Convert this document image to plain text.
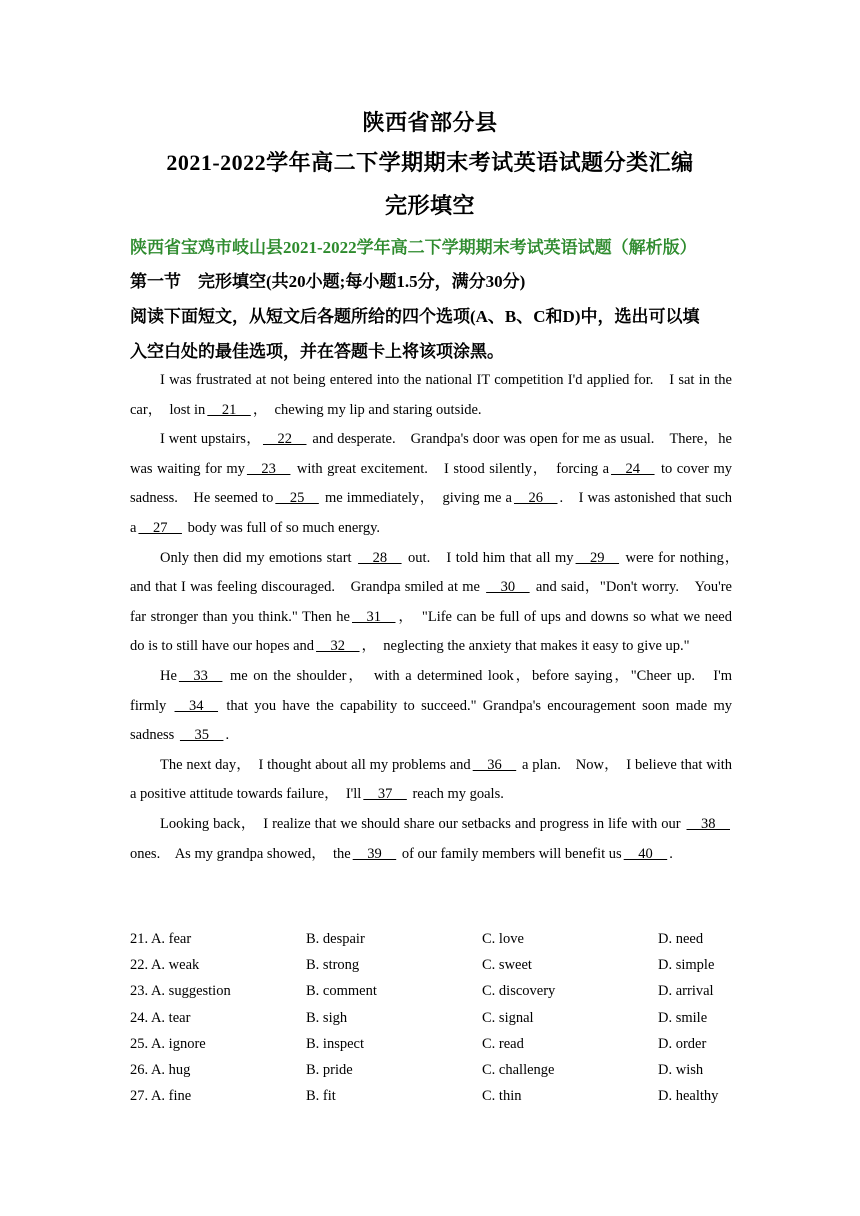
陕西省部分县
2021-2022学年高二下学期期末考试英语试题分类汇编
完形填空
陕西省宝鸡市岐山县2021-2022学年高二下学期期末考试英语试题（解析版）
第一节　完形填空(共20小题;每小题1.5分，满分30分)
阅读下面短文，从短文后各题所给的四个选项(A、B、C和D)中，选出可以填
入空白处的最佳选项，并在答题卡上将该项涂黑。

I was frustrated at not being entered into the national IT competition I'd applied for.　I sat in the car，　lost in 21 ，　chewing my lip and staring outside.

I went upstairs， 22  and desperate.　Grandpa's door was open for me as usual.　There，he was waiting for my 23  with great excitement.　I stood silently，　forcing a 24  to cover my sadness.　He seemed to 25  me immediately，　giving me a 26 .　I was astonished that such a 27  body was full of so much energy.

Only then did my emotions start  28  out.　I told him that all my 29  were for nothing，　and that I was feeling discouraged.　Grandpa smiled at me  30  and said，"Don't worry.　You're far stronger than you think." Then he 31 ，　"Life can be full of ups and downs so what we need do is to still have our hopes and 32 ，　neglecting the anxiety that makes it easy to give up."

He 33  me on the shoulder，　with a determined look，before saying，"Cheer up.　I'm firmly  34  that you have the capability to succeed." Grandpa's encouragement soon made my sadness  35 .

The next day，　I thought about all my problems and 36  a plan.　Now，　I believe that with a positive attitude towards failure，　I'll 37  reach my goals.

Looking back，　I realize that we should share our setbacks and progress in life with our  38  ones.　As my grandpa showed，　the 39  of our family members will benefit us 40 .

21. A. fear	B. despair	C. love	D. need
22. A. weak	B. strong	C. sweet	D. simple
23. A. suggestion	B. comment	C. discovery	D. arrival
24. A. tear	B. sigh	C. signal	D. smile
25. A. ignore	B. inspect	C. read	D. order
26. A. hug	B. pride	C. challenge	D. wish
27. A. fine	B. fit	C. thin	D. healthy
